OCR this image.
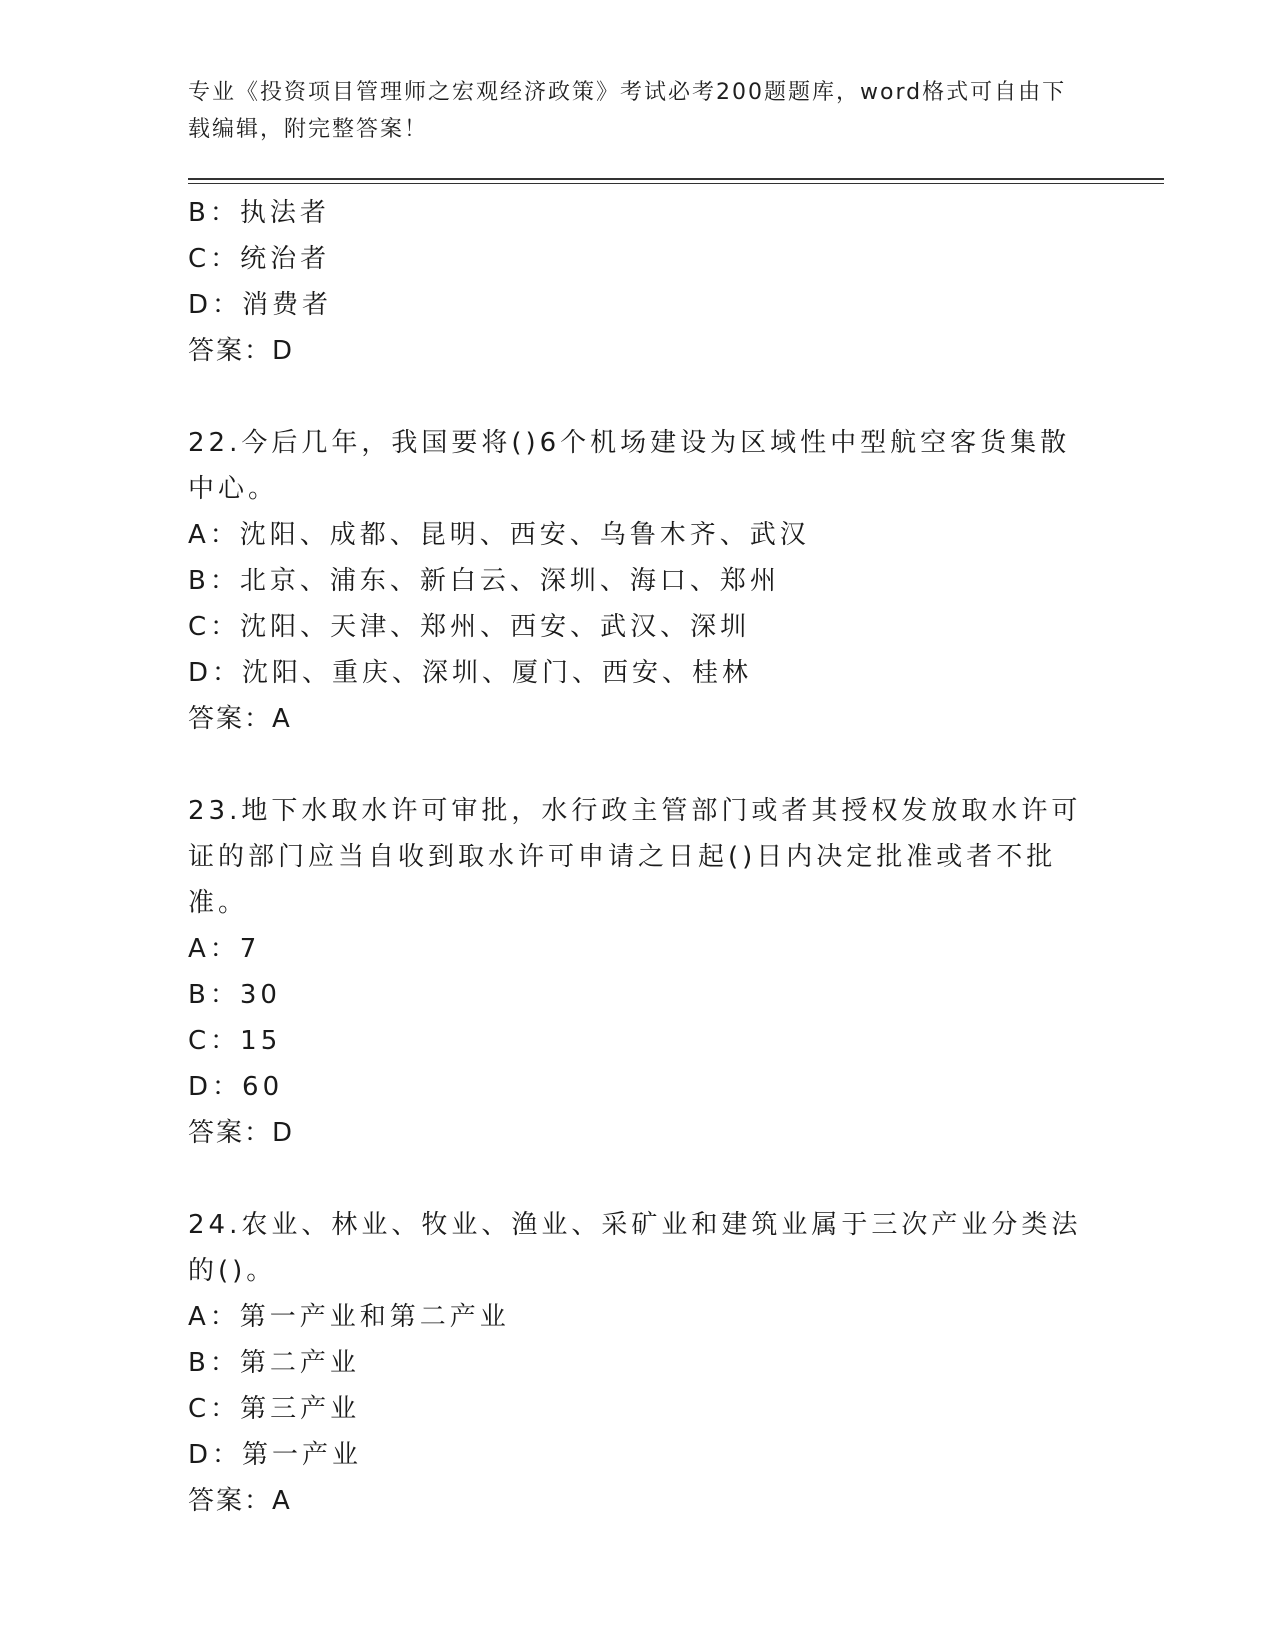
专业《投资项目管理师之宏观经济政策》考试必考200题题库，word格式可自由下载编辑，附完整答案！
B：执法者
C：统治者
D：消费者
答案：D
22.今后几年，我国要将()6个机场建设为区域性中型航空客货集散中心。
A：沈阳、成都、昆明、西安、乌鲁木齐、武汉
B：北京、浦东、新白云、深圳、海口、郑州
C：沈阳、天津、郑州、西安、武汉、深圳
D：沈阳、重庆、深圳、厦门、西安、桂林
答案：A
23.地下水取水许可审批，水行政主管部门或者其授权发放取水许可证的部门应当自收到取水许可申请之日起()日内决定批准或者不批准。
A：7
B：30
C：15
D：60
答案：D
24.农业、林业、牧业、渔业、采矿业和建筑业属于三次产业分类法的()。
A：第一产业和第二产业
B：第二产业
C：第三产业
D：第一产业
答案：A
